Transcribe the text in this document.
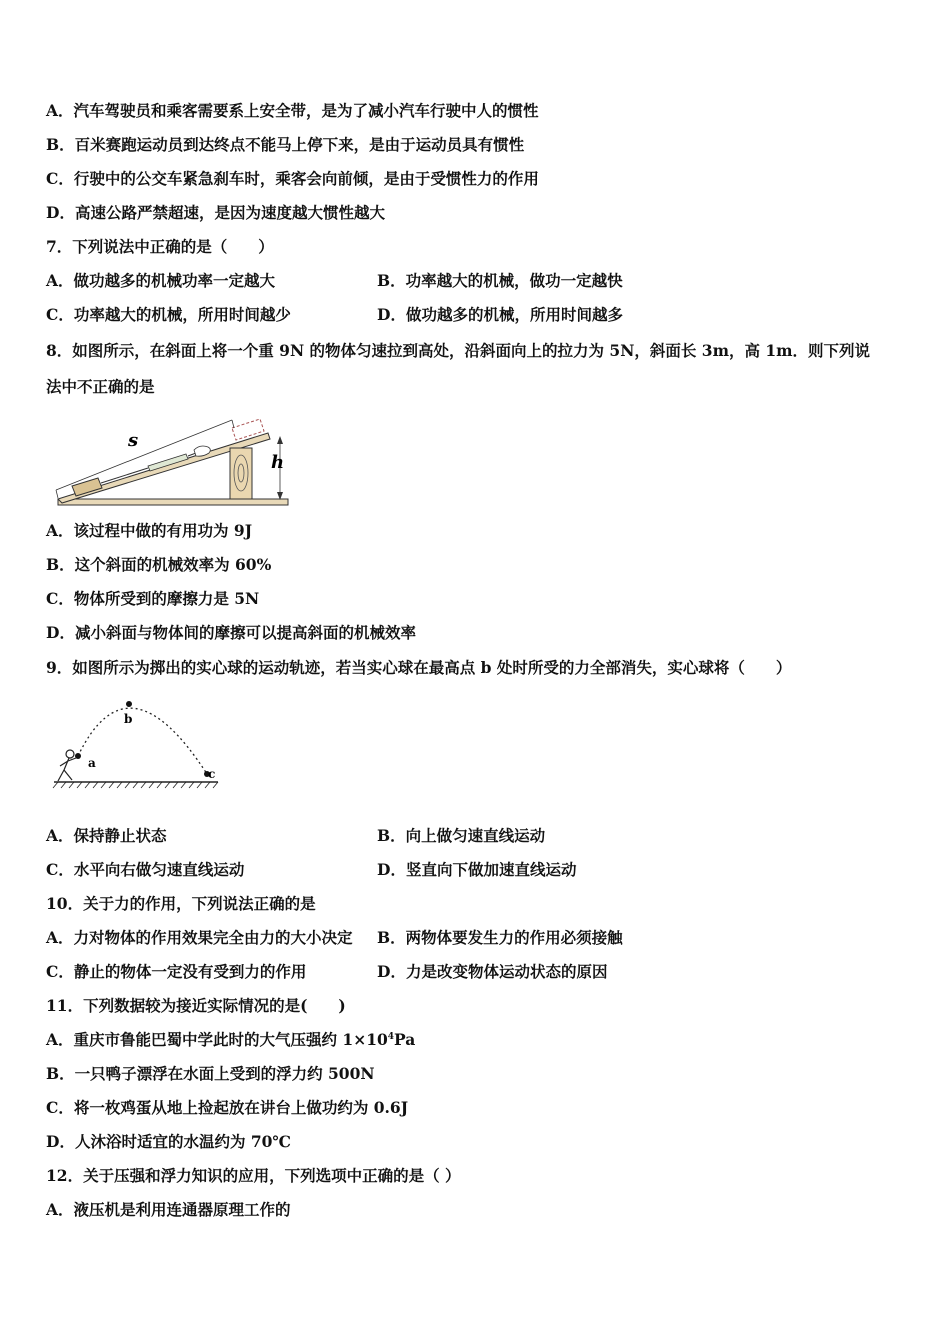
A．汽车驾驶员和乘客需要系上安全带，是为了减小汽车行驶中人的惯性
B．百米赛跑运动员到达终点不能马上停下来，是由于运动员具有惯性
C．行驶中的公交车紧急刹车时，乘客会向前倾，是由于受惯性力的作用
D．高速公路严禁超速，是因为速度越大惯性越大
7．下列说法中正确的是（　　）
A．做功越多的机械功率一定越大	B．功率越大的机械，做功一定越快
C．功率越大的机械，所用时间越少	D．做功越多的机械，所用时间越多
8．如图所示，在斜面上将一个重 9N 的物体匀速拉到高处，沿斜面向上的拉力为 5N，斜面长 3m，高 1m．则下列说
法中不正确的是
s
h
A．该过程中做的有用功为 9J
B．这个斜面的机械效率为 60%
C．物体所受到的摩擦力是 5N
D．减小斜面与物体间的摩擦可以提高斜面的机械效率
9．如图所示为掷出的实心球的运动轨迹，若当实心球在最高点 b 处时所受的力全部消失，实心球将（　　）
a
b
c
A．保持静止状态	B．向上做匀速直线运动
C．水平向右做匀速直线运动	D．竖直向下做加速直线运动
10．关于力的作用，下列说法正确的是
A．力对物体的作用效果完全由力的大小决定 B．两物体要发生力的作用必须接触
C．静止的物体一定没有受到力的作用	D．力是改变物体运动状态的原因
11．下列数据较为接近实际情况的是(　　)
A．重庆市鲁能巴蜀中学此时的大气压强约 $1\times 10^4Pa$
B．一只鸭子漂浮在水面上受到的浮力约 500N
C．将一枚鸡蛋从地上捡起放在讲台上做功约为 0.6J
D．人沐浴时适宜的水温约为 70℃
12．关于压强和浮力知识的应用，下列选项中正确的是（ ）
A．液压机是利用连通器原理工作的
